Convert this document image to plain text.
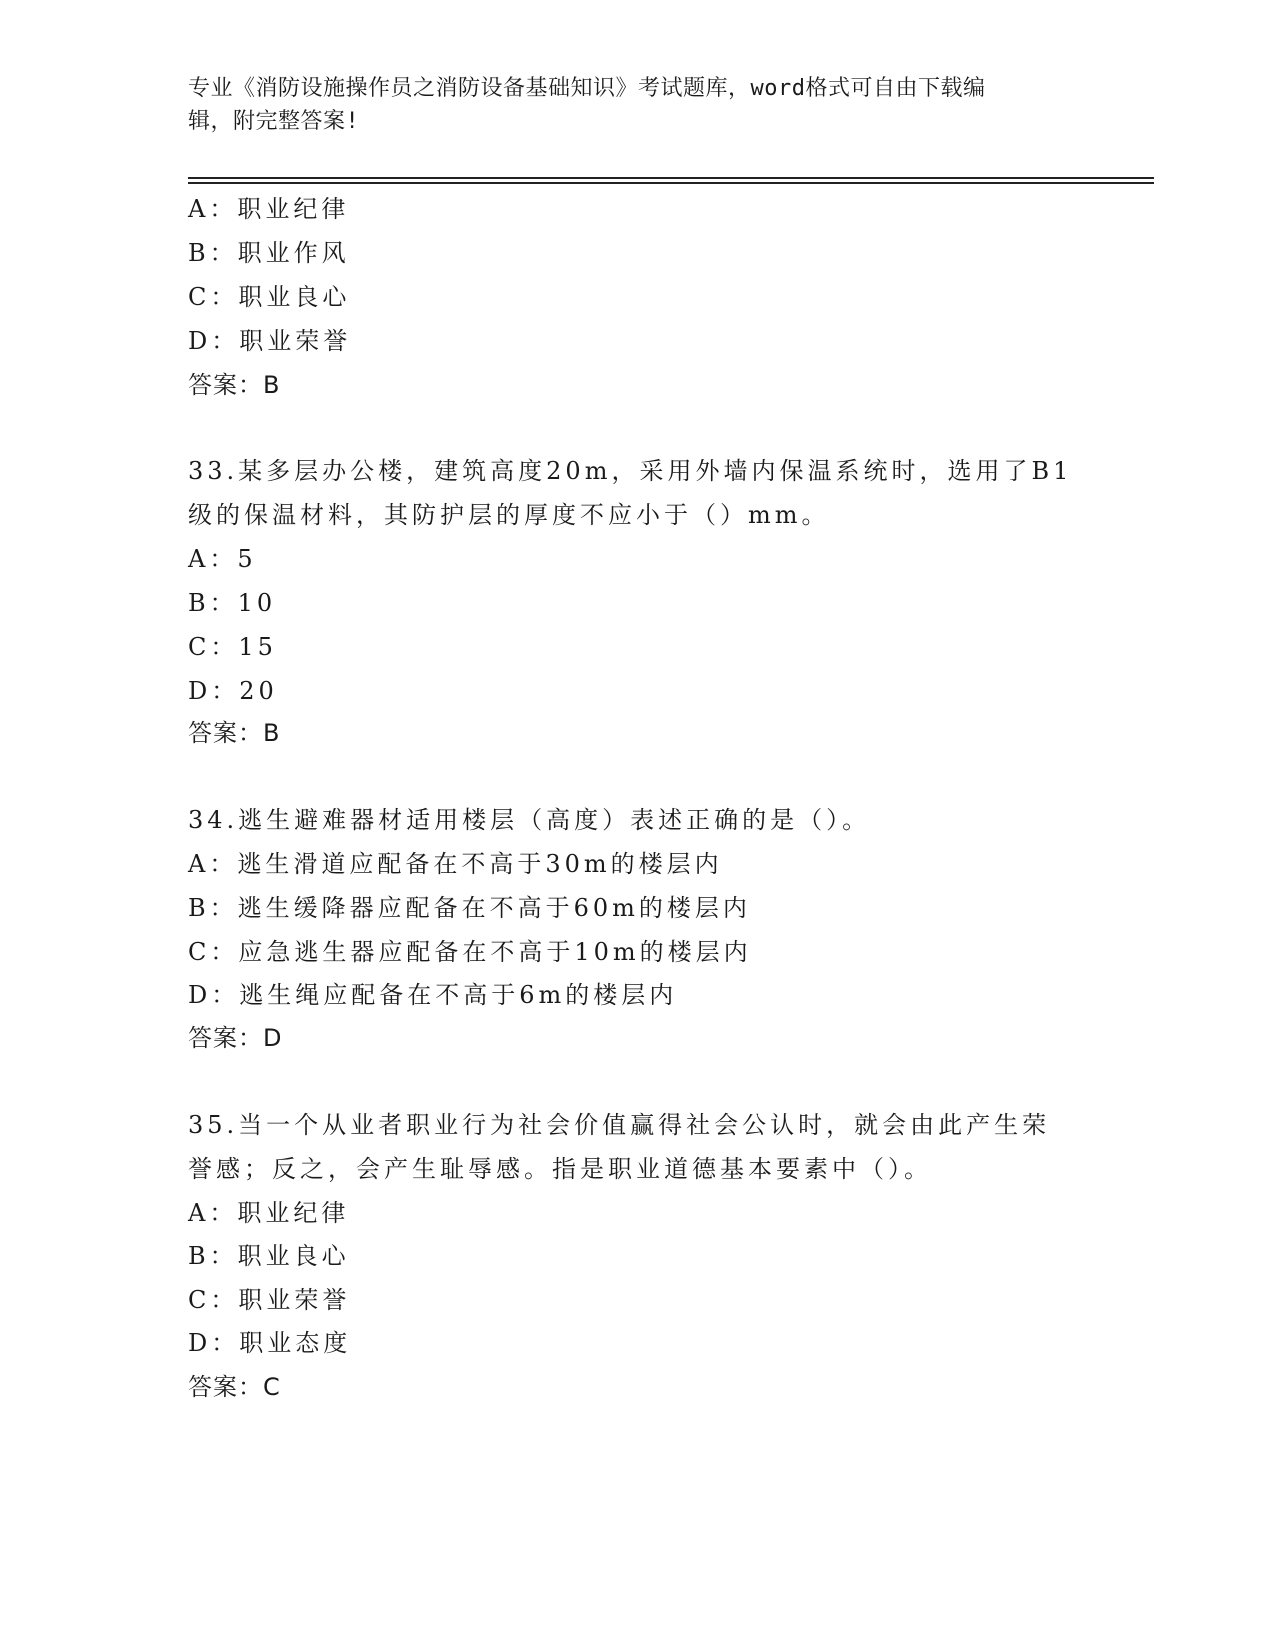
专业《消防设施操作员之消防设备基础知识》考试题库，word格式可自由下载编
辑，附完整答案!
A：职业纪律
B：职业作风
C：职业良心
D：职业荣誉
答案：B
33.某多层办公楼，建筑高度20m，采用外墙内保温系统时，选用了B1
级的保温材料，其防护层的厚度不应小于（）mm。
A：5
B：10
C：15
D：20
答案：B
34.逃生避难器材适用楼层（高度）表述正确的是（）。
A：逃生滑道应配备在不高于30m的楼层内
B：逃生缓降器应配备在不高于60m的楼层内
C：应急逃生器应配备在不高于10m的楼层内
D：逃生绳应配备在不高于6m的楼层内
答案：D
35.当一个从业者职业行为社会价值赢得社会公认时，就会由此产生荣
誉感；反之，会产生耻辱感。指是职业道德基本要素中（）。
A：职业纪律
B：职业良心
C：职业荣誉
D：职业态度
答案：C
